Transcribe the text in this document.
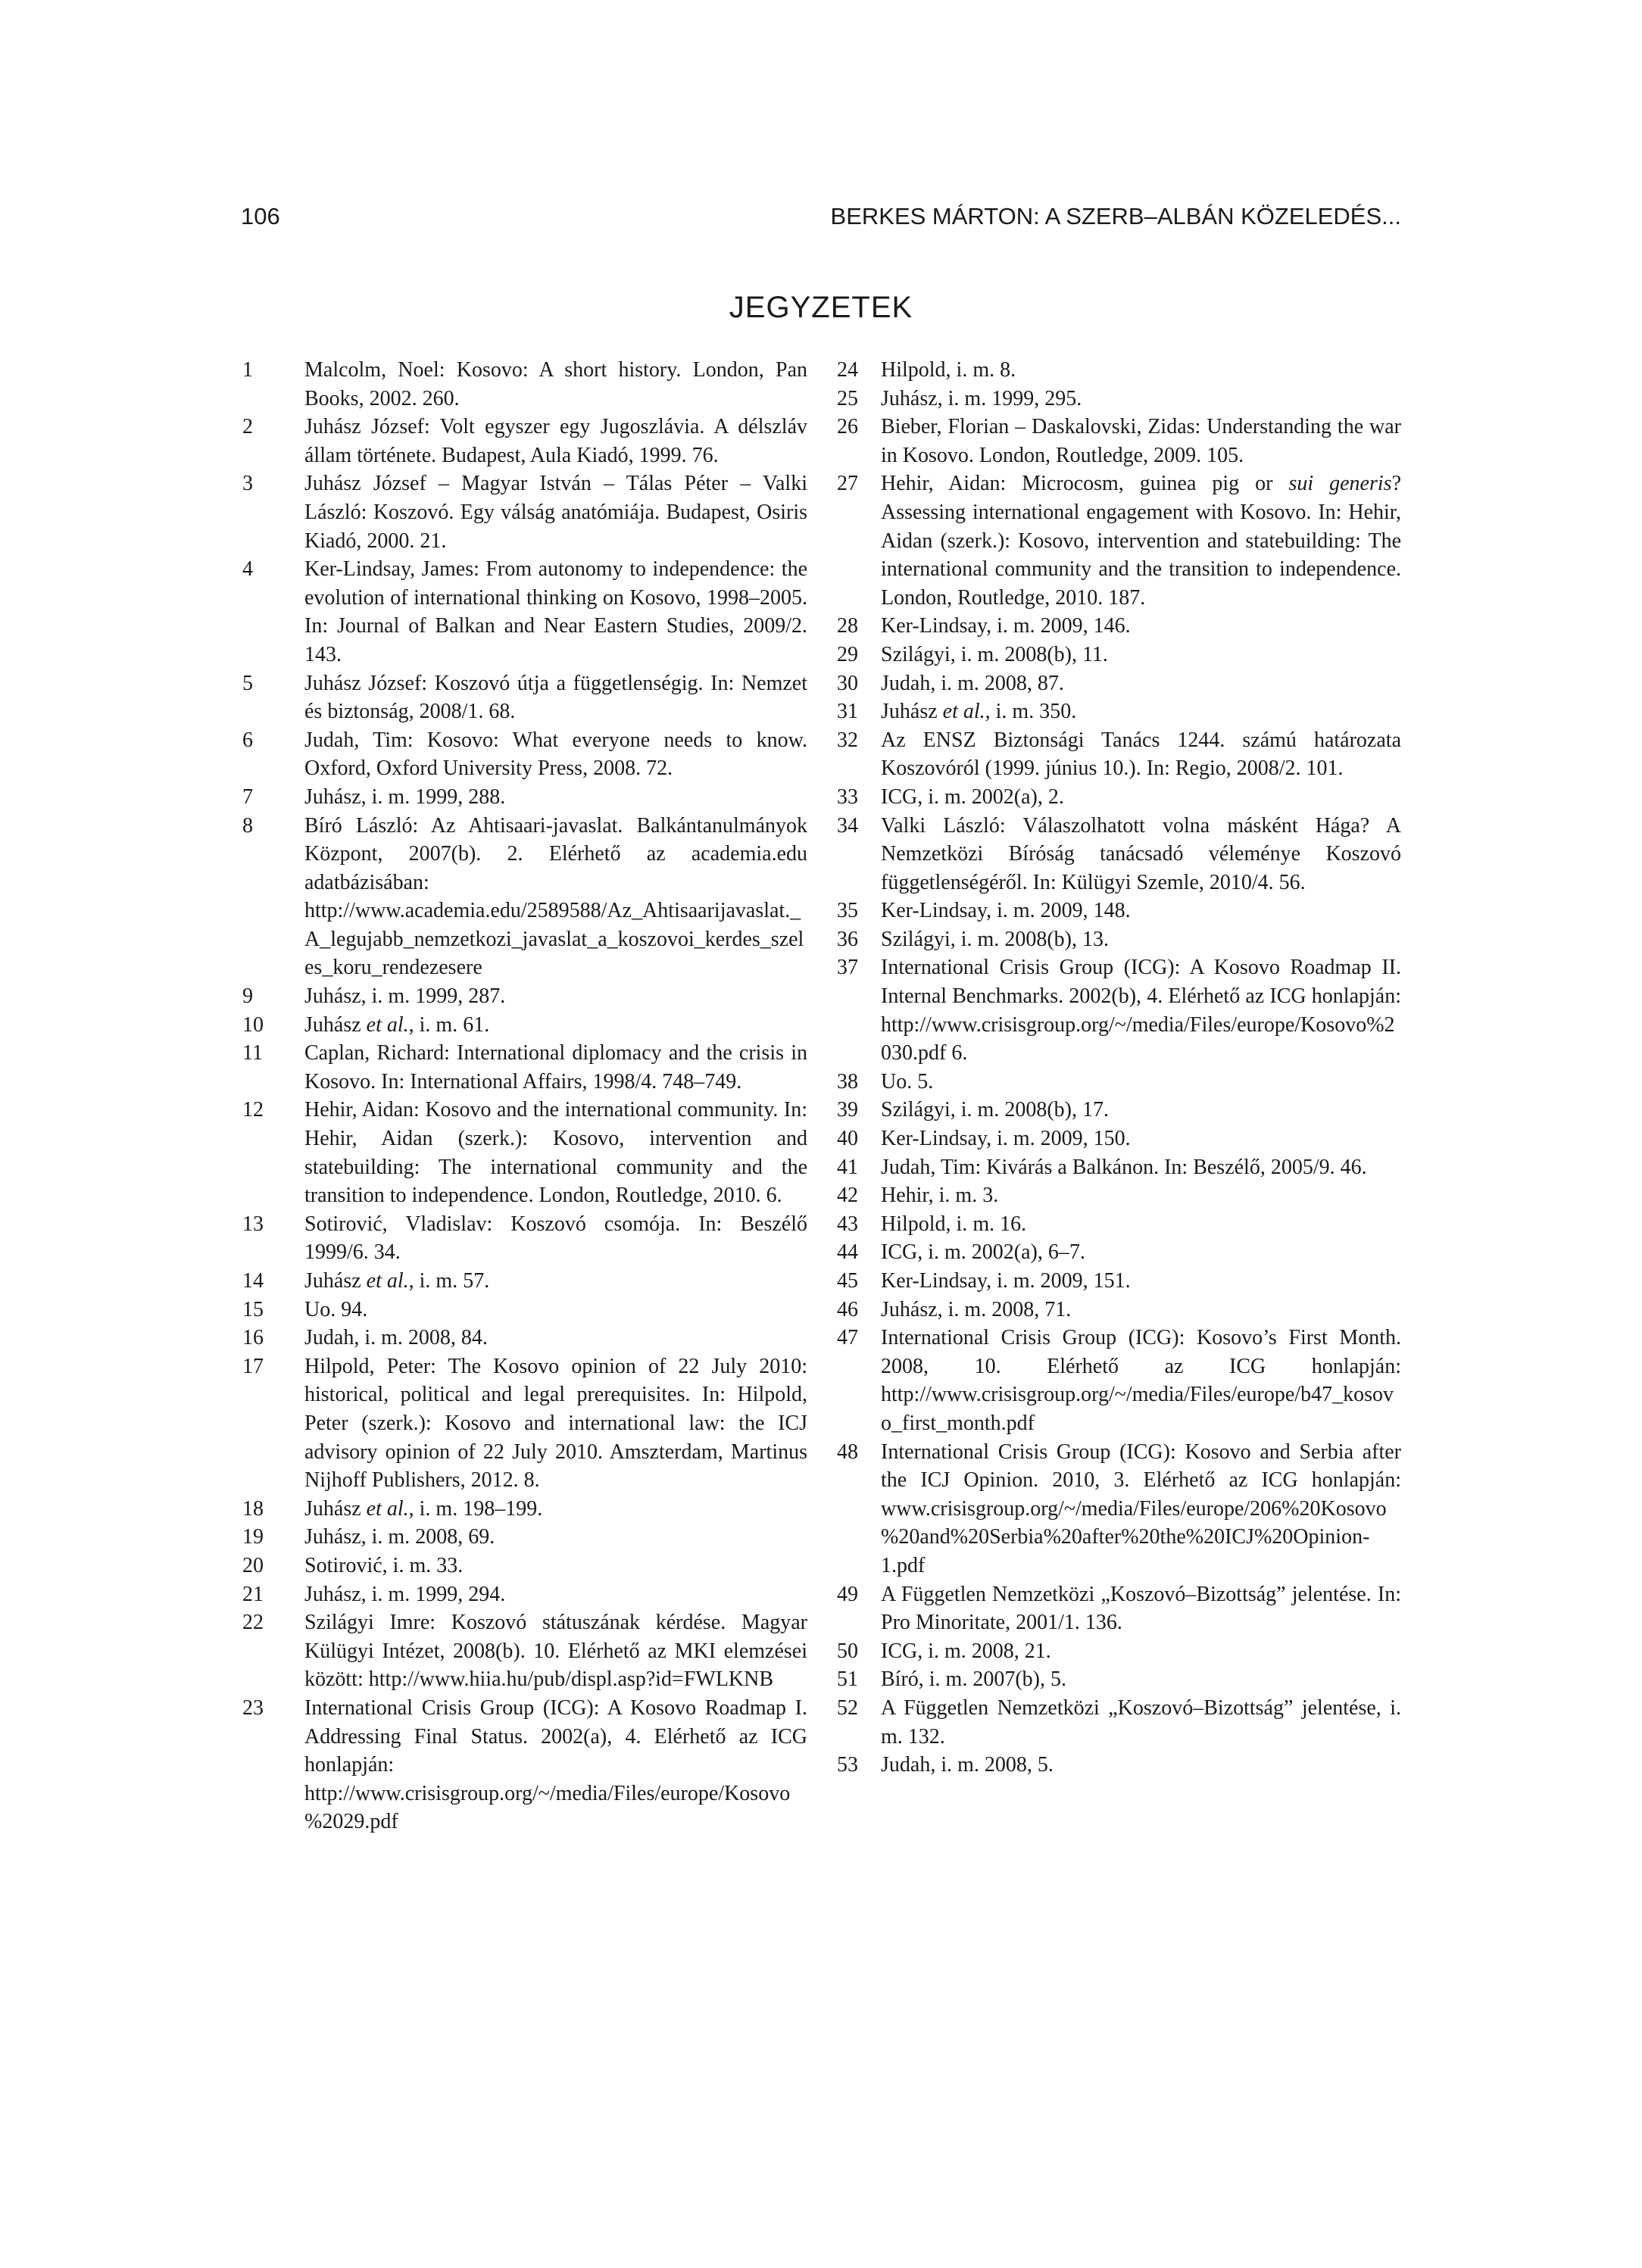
106	BERKES MÁRTON: A SZERB–ALBÁN KÖZELEDÉS...
JEGYZETEK
1	Malcolm, Noel: Kosovo: A short history. London, Pan Books, 2002. 260.
2	Juhász József: Volt egyszer egy Jugoszlávia. A délszláv állam története. Budapest, Aula Kiadó, 1999. 76.
3	Juhász József – Magyar István – Tálas Péter – Valki László: Koszovó. Egy válság anatómiája. Budapest, Osiris Kiadó, 2000. 21.
4	Ker-Lindsay, James: From autonomy to independence: the evolution of international thinking on Kosovo, 1998–2005. In: Journal of Balkan and Near Eastern Studies, 2009/2. 143.
5	Juhász József: Koszovó útja a függetlenségig. In: Nemzet és biztonság, 2008/1. 68.
6	Judah, Tim: Kosovo: What everyone needs to know. Oxford, Oxford University Press, 2008. 72.
7	Juhász, i. m. 1999, 288.
8	Bíró László: Az Ahtisaari-javaslat. Balkántanulmányok Központ, 2007(b). 2. Elérhető az academia.edu adatbázisában: http://www.academia.edu/2589588/Az_Ahtisaarijavaslat._A_legujabb_nemzetkozi_javaslat_a_koszovoi_kerdes_szeles_koru_rendezesere
9	Juhász, i. m. 1999, 287.
10	Juhász et al., i. m. 61.
11	Caplan, Richard: International diplomacy and the crisis in Kosovo. In: International Affairs, 1998/4. 748–749.
12	Hehir, Aidan: Kosovo and the international community. In: Hehir, Aidan (szerk.): Kosovo, intervention and statebuilding: The international community and the transition to independence. London, Routledge, 2010. 6.
13	Sotirović, Vladislav: Koszovó csomója. In: Beszélő 1999/6. 34.
14	Juhász et al., i. m. 57.
15	Uo. 94.
16	Judah, i. m. 2008, 84.
17	Hilpold, Peter: The Kosovo opinion of 22 July 2010: historical, political and legal prerequisites. In: Hilpold, Peter (szerk.): Kosovo and international law: the ICJ advisory opinion of 22 July 2010. Amszterdam, Martinus Nijhoff Publishers, 2012. 8.
18	Juhász et al., i. m. 198–199.
19	Juhász, i. m. 2008, 69.
20	Sotirović, i. m. 33.
21	Juhász, i. m. 1999, 294.
22	Szilágyi Imre: Koszovó státuszának kérdése. Magyar Külügyi Intézet, 2008(b). 10. Elérhető az MKI elemzései között: http://www.hiia.hu/pub/displ.asp?id=FWLKNB
23	International Crisis Group (ICG): A Kosovo Roadmap I. Addressing Final Status. 2002(a), 4. Elérhető az ICG honlapján: http://www.crisisgroup.org/~/media/Files/europe/Kosovo%2029.pdf
24	Hilpold, i. m. 8.
25	Juhász, i. m. 1999, 295.
26	Bieber, Florian – Daskalovski, Zidas: Understanding the war in Kosovo. London, Routledge, 2009. 105.
27	Hehir, Aidan: Microcosm, guinea pig or sui generis? Assessing international engagement with Kosovo. In: Hehir, Aidan (szerk.): Kosovo, intervention and statebuilding: The international community and the transition to independence. London, Routledge, 2010. 187.
28	Ker-Lindsay, i. m. 2009, 146.
29	Szilágyi, i. m. 2008(b), 11.
30	Judah, i. m. 2008, 87.
31	Juhász et al., i. m. 350.
32	Az ENSZ Biztonsági Tanács 1244. számú határozata Koszovóról (1999. június 10.). In: Regio, 2008/2. 101.
33	ICG, i. m. 2002(a), 2.
34	Valki László: Válaszolhatott volna másként Hága? A Nemzetközi Bíróság tanácsadó véleménye Koszovó függetlenségéről. In: Külügyi Szemle, 2010/4. 56.
35	Ker-Lindsay, i. m. 2009, 148.
36	Szilágyi, i. m. 2008(b), 13.
37	International Crisis Group (ICG): A Kosovo Roadmap II. Internal Benchmarks. 2002(b), 4. Elérhető az ICG honlapján: http://www.crisisgroup.org/~/media/Files/europe/Kosovo%2030.pdf 6.
38	Uo. 5.
39	Szilágyi, i. m. 2008(b), 17.
40	Ker-Lindsay, i. m. 2009, 150.
41	Judah, Tim: Kivárás a Balkánon. In: Beszélő, 2005/9. 46.
42	Hehir, i. m. 3.
43	Hilpold, i. m. 16.
44	ICG, i. m. 2002(a), 6–7.
45	Ker-Lindsay, i. m. 2009, 151.
46	Juhász, i. m. 2008, 71.
47	International Crisis Group (ICG): Kosovo’s First Month. 2008, 10. Elérhető az ICG honlapján: http://www.crisisgroup.org/~/media/Files/europe/b47_kosovo_first_month.pdf
48	International Crisis Group (ICG): Kosovo and Serbia after the ICJ Opinion. 2010, 3. Elérhető az ICG honlapján: www.crisisgroup.org/~/media/Files/europe/206%20Kosovo%20and%20Serbia%20after%20the%20ICJ%20Opinion-1.pdf
49	A Független Nemzetközi „Koszovó–Bizottság” jelentése. In: Pro Minoritate, 2001/1. 136.
50	ICG, i. m. 2008, 21.
51	Bíró, i. m. 2007(b), 5.
52	A Független Nemzetközi „Koszovó–Bizottság” jelentése, i. m. 132.
53	Judah, i. m. 2008, 5.
